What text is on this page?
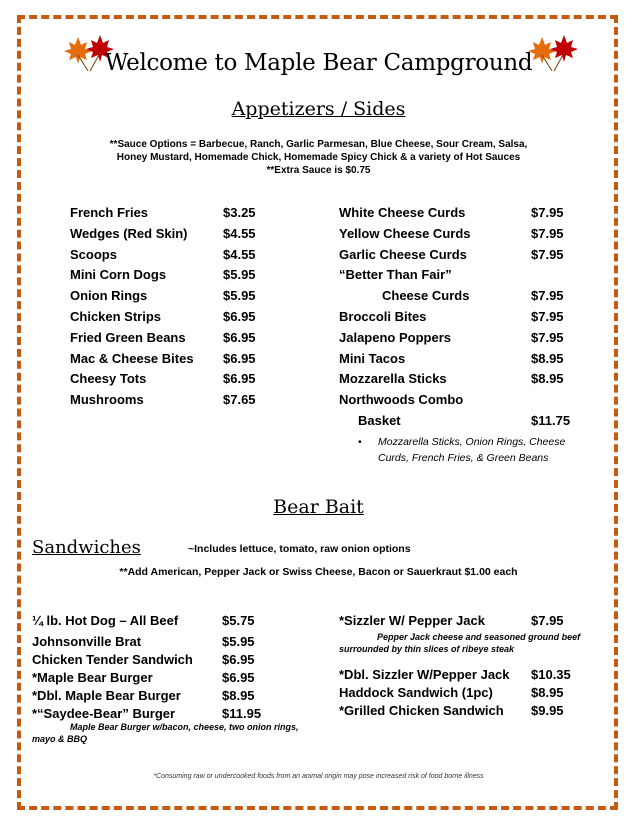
Welcome to Maple Bear Campground
Appetizers / Sides
**Sauce Options = Barbecue, Ranch, Garlic Parmesan, Blue Cheese, Sour Cream, Salsa,
Honey Mustard, Homemade Chick, Homemade Spicy Chick & a variety of Hot Sauces
**Extra Sauce is $0.75
French Fries	$3.25
Wedges (Red Skin)	$4.55
Scoops	$4.55
Mini Corn Dogs	$5.95
Onion Rings	$5.95
Chicken Strips	$6.95
Fried Green Beans	$6.95
Mac & Cheese Bites $6.95
Cheesy Tots	$6.95
Mushrooms	$7.65
White Cheese Curds	$7.95
Yellow Cheese Curds	$7.95
Garlic Cheese Curds	$7.95
“Better Than Fair”
Cheese Curds	$7.95
Broccoli Bites	$7.95
Jalapeno Poppers	$7.95
Mini Tacos	$8.95
Mozzarella Sticks	$8.95
Northwoods Combo
Basket	$11.75
• Mozzarella Sticks, Onion Rings, Cheese Curds, French Fries, & Green Beans
Bear Bait
Sandwiches	~Includes lettuce, tomato, raw onion options
**Add American, Pepper Jack or Swiss Cheese, Bacon or Sauerkraut $1.00 each
¼ lb. Hot Dog – All Beef	$5.75
Johnsonville Brat	$5.95
Chicken Tender Sandwich $6.95
*Maple Bear Burger	$6.95
*Dbl. Maple Bear Burger	$8.95
*“Saydee-Bear” Burger	$11.95
Maple Bear Burger w/bacon, cheese, two onion rings, mayo & BBQ
*Sizzler W/ Pepper Jack	$7.95
Pepper Jack cheese and seasoned ground beef surrounded by thin slices of ribeye steak
*Dbl. Sizzler W/Pepper Jack $10.35
Haddock Sandwich (1pc)	$8.95
*Grilled Chicken Sandwich $9.95
*Consuming raw or undercooked foods from an animal origin may pose increased risk of food borne illness
